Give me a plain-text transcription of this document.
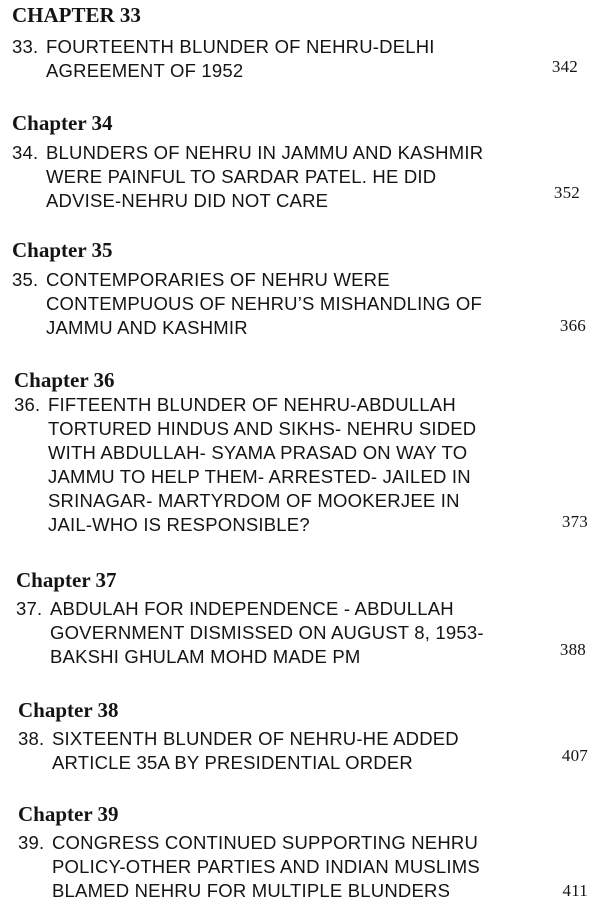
CHAPTER 33
33. FOURTEENTH BLUNDER OF NEHRU-DELHI
AGREEMENT OF 1952	342
Chapter 34
34. BLUNDERS OF NEHRU IN JAMMU AND KASHMIR
WERE PAINFUL TO SARDAR PATEL. HE DID
ADVISE-NEHRU DID NOT CARE	352
Chapter 35
35. CONTEMPORARIES OF NEHRU WERE
CONTEMPUOUS OF NEHRU’S MISHANDLING OF
JAMMU AND KASHMIR	366
Chapter 36
36. FIFTEENTH BLUNDER OF NEHRU-ABDULLAH
TORTURED HINDUS AND SIKHS- NEHRU SIDED
WITH ABDULLAH- SYAMA PRASAD ON WAY TO
JAMMU TO HELP THEM- ARRESTED- JAILED IN
SRINAGAR- MARTYRDOM OF MOOKERJEE IN
JAIL-WHO IS RESPONSIBLE?	373
Chapter 37
37. ABDULAH FOR INDEPENDENCE - ABDULLAH
GOVERNMENT DISMISSED ON AUGUST 8, 1953-
BAKSHI GHULAM MOHD MADE PM	388
Chapter 38
38. SIXTEENTH BLUNDER OF NEHRU-HE ADDED
ARTICLE 35A BY PRESIDENTIAL ORDER	407
Chapter 39
39. CONGRESS CONTINUED SUPPORTING NEHRU
POLICY-OTHER PARTIES AND INDIAN MUSLIMS
BLAMED NEHRU FOR MULTIPLE BLUNDERS	411
